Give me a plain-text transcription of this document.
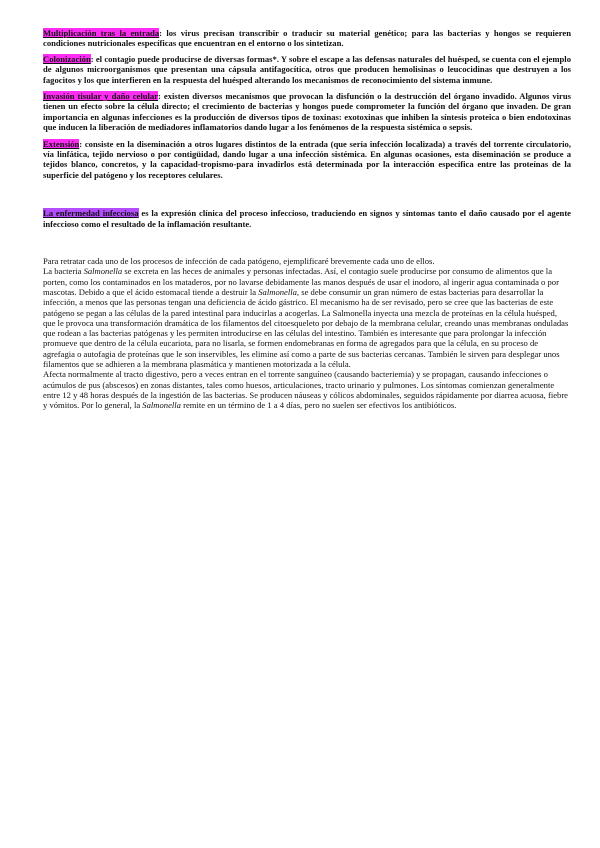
Multiplicación tras la entrada: los virus precisan transcribir o traducir su material genético; para las bacterias y hongos se requieren condiciones nutricionales específicas que encuentran en el entorno o los sintetizan.

Colonización: el contagio puede producirse de diversas formas*. Y sobre el escape a las defensas naturales del huésped, se cuenta con el ejemplo de algunos microorganismos que presentan una cápsula antifagocítica, otros que producen hemolisinas o leucocidinas que destruyen a los fagocitos y los que interfieren en la respuesta del huésped alterando los mecanismos de reconocimiento del sistema inmune.

Invasión tisular y daño celular: existen diversos mecanismos que provocan la disfunción o la destrucción del órgano invadido. Algunos virus tienen un efecto sobre la célula directo; el crecimiento de bacterias y hongos puede comprometer la función del órgano que invaden. De gran importancia en algunas infecciones es la producción de diversos tipos de toxinas: exotoxinas que inhiben la síntesis proteica o bien endotoxinas que inducen la liberación de mediadores inflamatorios dando lugar a los fenómenos de la respuesta sistémica o sepsis.

Extensión: consiste en la diseminación a otros lugares distintos de la entrada (que sería infección localizada) a través del torrente circulatorio, vía linfática, tejido nervioso o por contigüidad, dando lugar a una infección sistémica. En algunas ocasiones, esta diseminación se produce a tejidos blanco, concretos, y la capacidad-tropismo-para invadirlos está determinada por la interacción específica entre las proteínas de la superficie del patógeno y los receptores celulares.

La enfermedad infecciosa es la expresión clínica del proceso infeccioso, traduciendo en signos y síntomas tanto el daño causado por el agente infeccioso como el resultado de la inflamación resultante.

Para retratar cada uno de los procesos de infección de cada patógeno, ejemplificaré brevemente cada uno de ellos.

La bacteria Salmonella se excreta en las heces de animales y personas infectadas. Así, el contagio suele producirse por consumo de alimentos que la porten, como los contaminados en los mataderos, por no lavarse debidamente las manos después de usar el inodoro, al ingerir agua contaminada o por mascotas. Debido a que el ácido estomacal tiende a destruir la Salmonella, se debe consumir un gran número de estas bacterias para desarrollar la infección, a menos que las personas tengan una deficiencia de ácido gástrico. El mecanismo ha de ser revisado, pero se cree que las bacterias de este patógeno se pegan a las células de la pared intestinal para inducirlas a acogerlas. La Salmonella inyecta una mezcla de proteínas en la célula huésped, que le provoca una transformación dramática de los filamentos del citoesqueleto por debajo de la membrana celular, creando unas membranas onduladas que rodean a las bacterias patógenas y les permiten introducirse en las células del intestino. También es interesante que para prolongar la infección promueve que dentro de la célula eucariota, para no lisarla, se formen endomebranas en forma de agregados para que la célula, en su proceso de agrefagia o autofagia de proteínas que le son inservibles, les elimine así como a parte de sus bacterias cercanas. También le sirven para desplegar unos filamentos que se adhieren a la membrana plasmática y mantienen motorizada a la célula.

Afecta normalmente al tracto digestivo, pero a veces entran en el torrente sanguíneo (causando bacteriemia) y se propagan, causando infecciones o acúmulos de pus (abscesos) en zonas distantes, tales como huesos, articulaciones, tracto urinario y pulmones. Los síntomas comienzan generalmente entre 12 y 48 horas después de la ingestión de las bacterias. Se producen náuseas y cólicos abdominales, seguidos rápidamente por diarrea acuosa, fiebre y vómitos. Por lo general, la Salmonella remite en un término de 1 a 4 días, pero no suelen ser efectivos los antibióticos.
